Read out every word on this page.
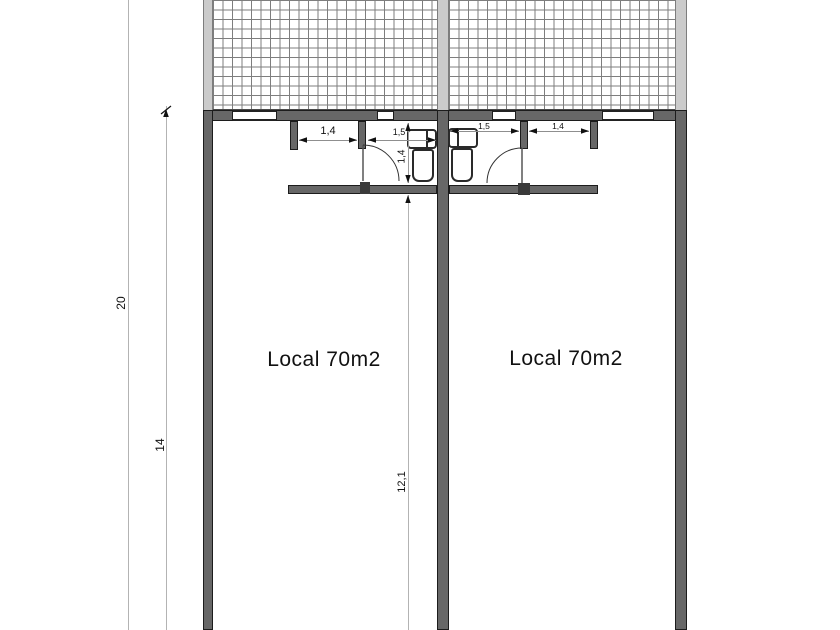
Local 70m2	Local 70m2
20
14
12,1
1,4	1,5
1,4
1,5	1,4
